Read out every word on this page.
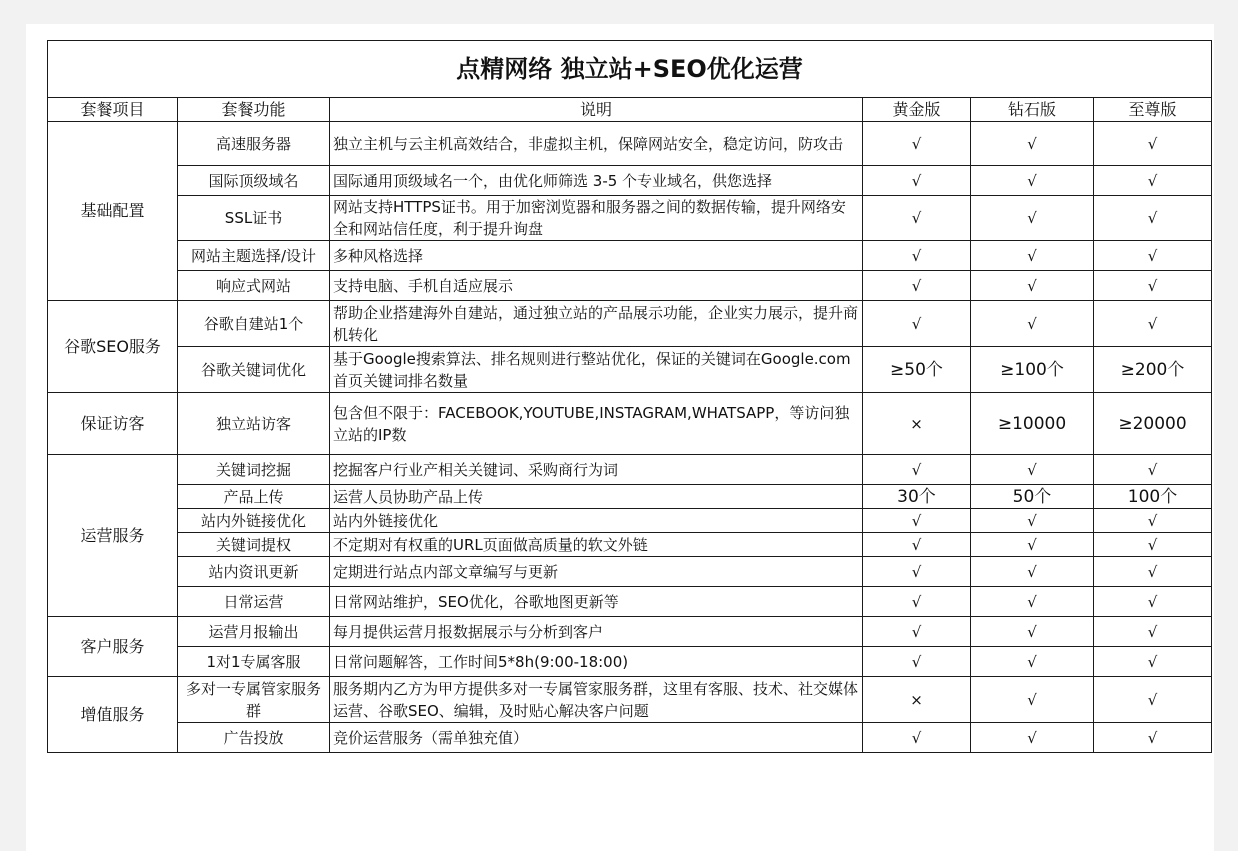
点精网络 独立站+SEO优化运营					
套餐项目	套餐功能	说明	黄金版	钻石版	至尊版
基础配置	高速服务器	独立主机与云主机高效结合，非虚拟主机，保障网站安全，稳定访问，防攻击	√	√	√
	国际顶级域名	国际通用顶级域名一个，由优化师筛选 3-5 个专业域名，供您选择	√	√	√
	SSL证书	网站支持HTTPS证书。用于加密浏览器和服务器之间的数据传输，提升网络安全和网站信任度，利于提升询盘	√	√	√
	网站主题选择/设计	多种风格选择	√	√	√
	响应式网站	支持电脑、手机自适应展示	√	√	√
谷歌SEO服务	谷歌自建站1个	帮助企业搭建海外自建站，通过独立站的产品展示功能，企业实力展示，提升商机转化	√	√	√
	谷歌关键词优化	基于Google搜索算法、排名规则进行整站优化，保证的关键词在Google.com首页关键词排名数量	≥50个	≥100个	≥200个
保证访客	独立站访客	包含但不限于：FACEBOOK,YOUTUBE,INSTAGRAM,WHATSAPP，等访问独立站的IP数	×	≥10000	≥20000
运营服务	关键词挖掘	挖掘客户行业产相关关键词、采购商行为词	√	√	√
	产品上传	运营人员协助产品上传	30个	50个	100个
	站内外链接优化	站内外链接优化	√	√	√
	关键词提权	不定期对有权重的URL页面做高质量的软文外链	√	√	√
	站内资讯更新	定期进行站点内部文章编写与更新	√	√	√
	日常运营	日常网站维护，SEO优化，谷歌地图更新等	√	√	√
客户服务	运营月报输出	每月提供运营月报数据展示与分析到客户	√	√	√
	1对1专属客服	日常问题解答，工作时间5*8h(9:00-18:00)	√	√	√
增值服务	多对一专属管家服务群	服务期内乙方为甲方提供多对一专属管家服务群，这里有客服、技术、社交媒体运营、谷歌SEO、编辑，及时贴心解决客户问题	×	√	√
	广告投放	竞价运营服务（需单独充值）	√	√	√
